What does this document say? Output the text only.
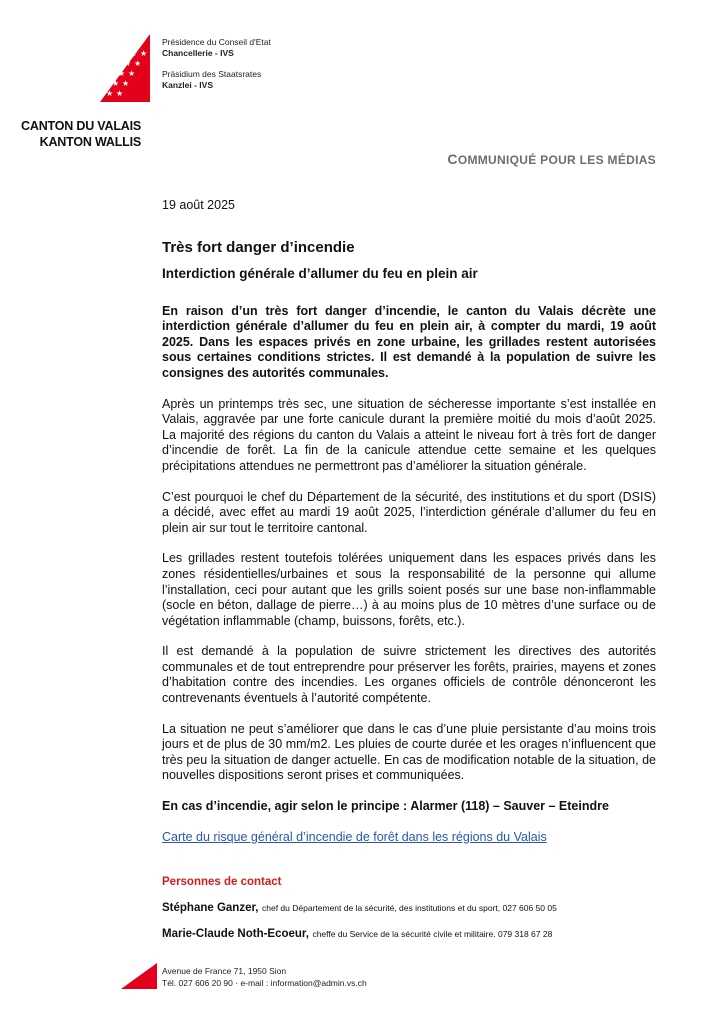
★ ★
★ ★
★ ★
★ ★
★ ★
★
★
★
Présidence du Conseil d'Etat
Chancellerie - IVS
Präsidium des Staatsrates
Kanzlei - IVS
CANTON DU VALAIS
KANTON WALLIS
COMMUNIQUÉ POUR LES MÉDIAS
19 août 2025
Très fort danger d’incendie
Interdiction générale d’allumer du feu en plein air

En raison d’un très fort danger d’incendie, le canton du Valais décrète une interdiction générale d’allumer du feu en plein air, à compter du mardi, 19 août 2025. Dans les espaces privés en zone urbaine, les grillades restent autorisées sous certaines conditions strictes. Il est demandé à la population de suivre les consignes des autorités communales.

Après un printemps très sec, une situation de sécheresse importante s’est installée en Valais, aggravée par une forte canicule durant la première moitié du mois d’août 2025. La majorité des régions du canton du Valais a atteint le niveau fort à très fort de danger d’incendie de forêt. La fin de la canicule attendue cette semaine et les quelques précipitations attendues ne permettront pas d’améliorer la situation générale.

C’est pourquoi le chef du Département de la sécurité, des institutions et du sport (DSIS) a décidé, avec effet au mardi 19 août 2025, l’interdiction générale d’allumer du feu en plein air sur tout le territoire cantonal.

Les grillades restent toutefois tolérées uniquement dans les espaces privés dans les zones résidentielles/urbaines et sous la responsabilité de la personne qui allume l’installation, ceci pour autant que les grills soient posés sur une base non-inflammable (socle en béton, dallage de pierre…) à au moins plus de 10 mètres d’une surface ou de végétation inflammable (champ, buissons, forêts, etc.).

Il est demandé à la population de suivre strictement les directives des autorités communales et de tout entreprendre pour préserver les forêts, prairies, mayens et zones d’habitation contre des incendies. Les organes officiels de contrôle dénonceront les contrevenants éventuels à l’autorité compétente.

La situation ne peut s’améliorer que dans le cas d’une pluie persistante d’au moins trois jours et de plus de 30 mm/m2. Les pluies de courte durée et les orages n’influencent que très peu la situation de danger actuelle. En cas de modification notable de la situation, de nouvelles dispositions seront prises et communiquées.

En cas d’incendie, agir selon le principe : Alarmer (118) – Sauver – Eteindre
Carte du risque général d’incendie de forêt dans les régions du Valais
Personnes de contact
Stéphane Ganzer, chef du Département de la sécurité, des institutions et du sport, 027 606 50 05
Marie-Claude Noth-Ecoeur, cheffe du Service de la sécurité civile et militaire. 079 318 67 28
Avenue de France 71, 1950 Sion
Tél. 027 606 20 90 · e-mail : information@admin.vs.ch
